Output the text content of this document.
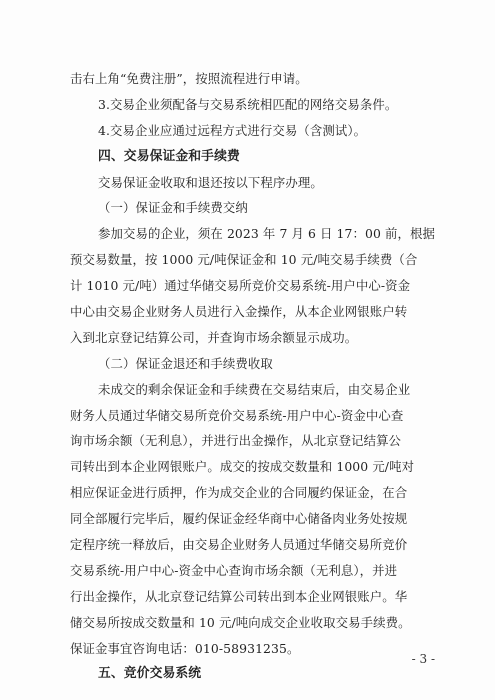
击右上角“免费注册”，按照流程进行申请。
3.交易企业须配备与交易系统相匹配的网络交易条件。
4.交易企业应通过远程方式进行交易（含测试）。
四、交易保证金和手续费
交易保证金收取和退还按以下程序办理。
（一）保证金和手续费交纳
参加交易的企业，须在 2023 年 7 月 6 日 17：00 前，根据
预交易数量，按 1000 元/吨保证金和 10 元/吨交易手续费（合
计 1010 元/吨）通过华储交易所竞价交易系统-用户中心-资金
中心由交易企业财务人员进行入金操作，从本企业网银账户转
入到北京登记结算公司，并查询市场余额显示成功。
（二）保证金退还和手续费收取
未成交的剩余保证金和手续费在交易结束后，由交易企业
财务人员通过华储交易所竞价交易系统-用户中心-资金中心查
询市场余额（无利息），并进行出金操作，从北京登记结算公
司转出到本企业网银账户。成交的按成交数量和 1000 元/吨对
相应保证金进行质押，作为成交企业的合同履约保证金，在合
同全部履行完毕后，履约保证金经华商中心储备肉业务处按规
定程序统一释放后，由交易企业财务人员通过华储交易所竞价
交易系统-用户中心-资金中心查询市场余额（无利息），并进
行出金操作，从北京登记结算公司转出到本企业网银账户。华
储交易所按成交数量和 10 元/吨向成交企业收取交易手续费。
保证金事宜咨询电话：010-58931235。
五、竞价交易系统
- 3 -
